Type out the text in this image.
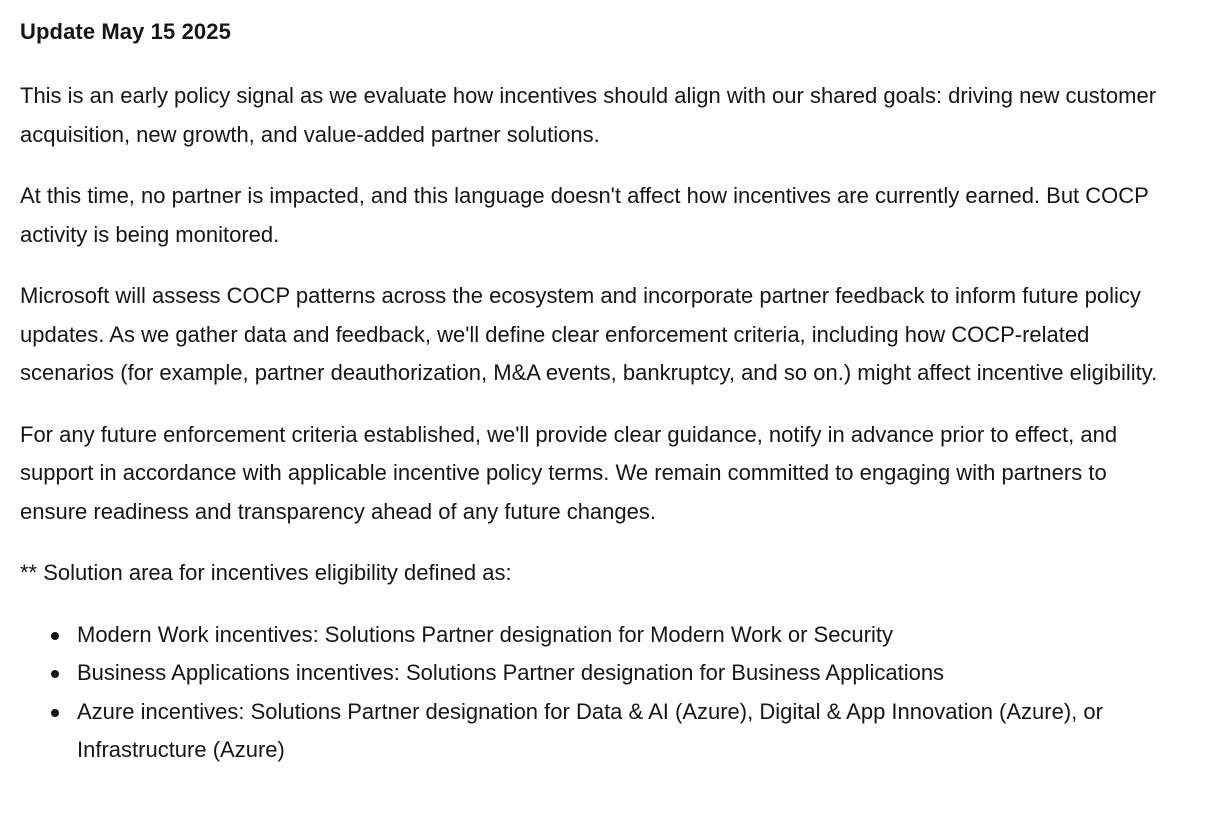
Update May 15 2025

This is an early policy signal as we evaluate how incentives should align with our shared goals: driving new customer acquisition, new growth, and value-added partner solutions.

At this time, no partner is impacted, and this language doesn't affect how incentives are currently earned. But COCP activity is being monitored.

Microsoft will assess COCP patterns across the ecosystem and incorporate partner feedback to inform future policy updates. As we gather data and feedback, we'll define clear enforcement criteria, including how COCP-related scenarios (for example, partner deauthorization, M&A events, bankruptcy, and so on.) might affect incentive eligibility.

For any future enforcement criteria established, we'll provide clear guidance, notify in advance prior to effect, and support in accordance with applicable incentive policy terms. We remain committed to engaging with partners to ensure readiness and transparency ahead of any future changes.

** Solution area for incentives eligibility defined as:

Modern Work incentives: Solutions Partner designation for Modern Work or Security
Business Applications incentives: Solutions Partner designation for Business Applications
Azure incentives: Solutions Partner designation for Data & AI (Azure), Digital & App Innovation (Azure), or Infrastructure (Azure)
